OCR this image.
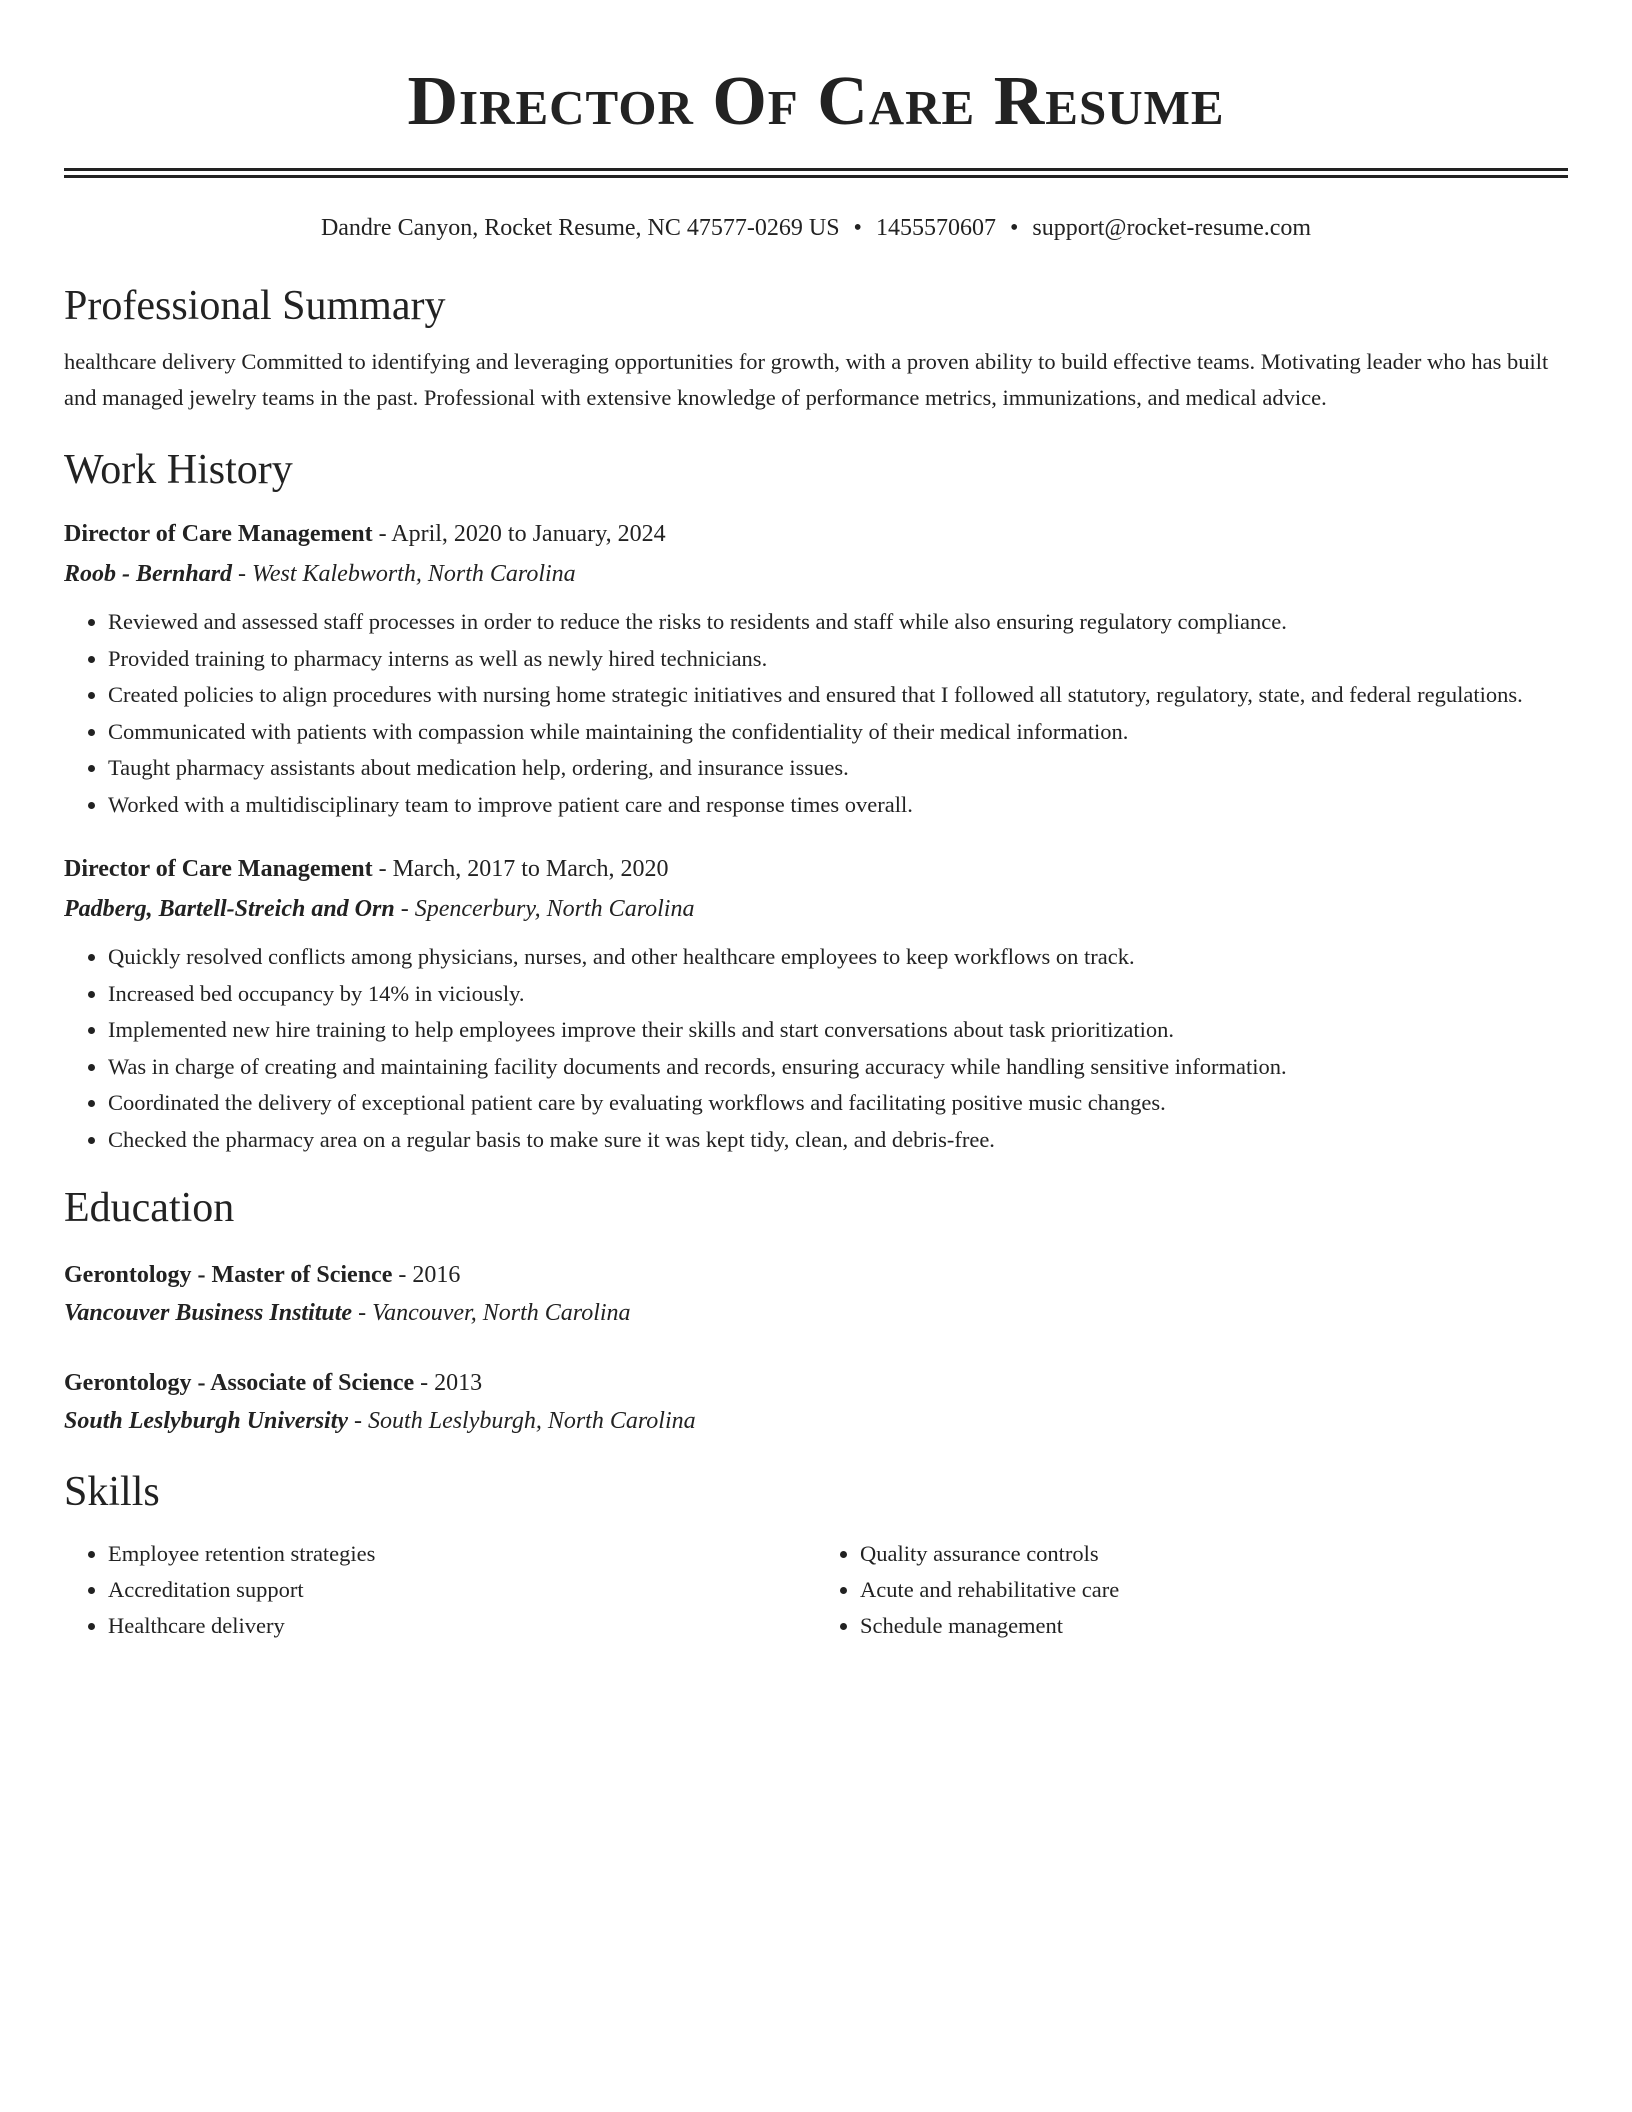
Director Of Care Resume
Dandre Canyon, Rocket Resume, NC 47577-0269 US • 1455570607 • support@rocket-resume.com
Professional Summary
healthcare delivery Committed to identifying and leveraging opportunities for growth, with a proven ability to build effective teams. Motivating leader who has built and managed jewelry teams in the past. Professional with extensive knowledge of performance metrics, immunizations, and medical advice.
Work History
Director of Care Management - April, 2020 to January, 2024
Roob - Bernhard - West Kalebworth, North Carolina
• Reviewed and assessed staff processes in order to reduce the risks to residents and staff while also ensuring regulatory compliance.
• Provided training to pharmacy interns as well as newly hired technicians.
• Created policies to align procedures with nursing home strategic initiatives and ensured that I followed all statutory, regulatory, state, and federal regulations.
• Communicated with patients with compassion while maintaining the confidentiality of their medical information.
• Taught pharmacy assistants about medication help, ordering, and insurance issues.
• Worked with a multidisciplinary team to improve patient care and response times overall.
Director of Care Management - March, 2017 to March, 2020
Padberg, Bartell-Streich and Orn - Spencerbury, North Carolina
• Quickly resolved conflicts among physicians, nurses, and other healthcare employees to keep workflows on track.
• Increased bed occupancy by 14% in viciously.
• Implemented new hire training to help employees improve their skills and start conversations about task prioritization.
• Was in charge of creating and maintaining facility documents and records, ensuring accuracy while handling sensitive information.
• Coordinated the delivery of exceptional patient care by evaluating workflows and facilitating positive music changes.
• Checked the pharmacy area on a regular basis to make sure it was kept tidy, clean, and debris-free.
Education
Gerontology - Master of Science - 2016
Vancouver Business Institute - Vancouver, North Carolina
Gerontology - Associate of Science - 2013
South Leslyburgh University - South Leslyburgh, North Carolina
Skills
• Employee retention strategies
• Accreditation support
• Healthcare delivery
• Quality assurance controls
• Acute and rehabilitative care
• Schedule management
